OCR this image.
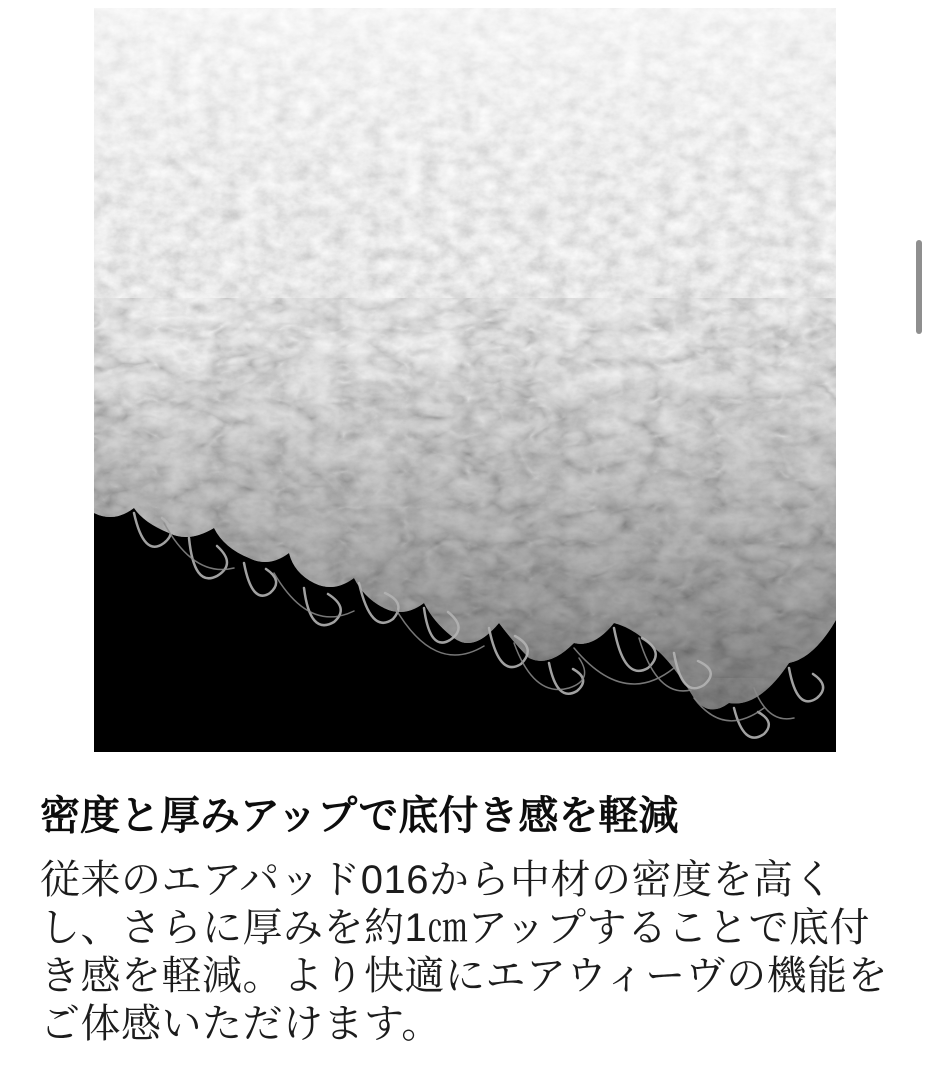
密度と厚みアップで底付き感を軽減

従来のエアパッド016から中材の密度を高く
し、さらに厚みを約1㎝アップすることで底付
き感を軽減。より快適にエアウィーヴの機能を
ご体感いただけます。
